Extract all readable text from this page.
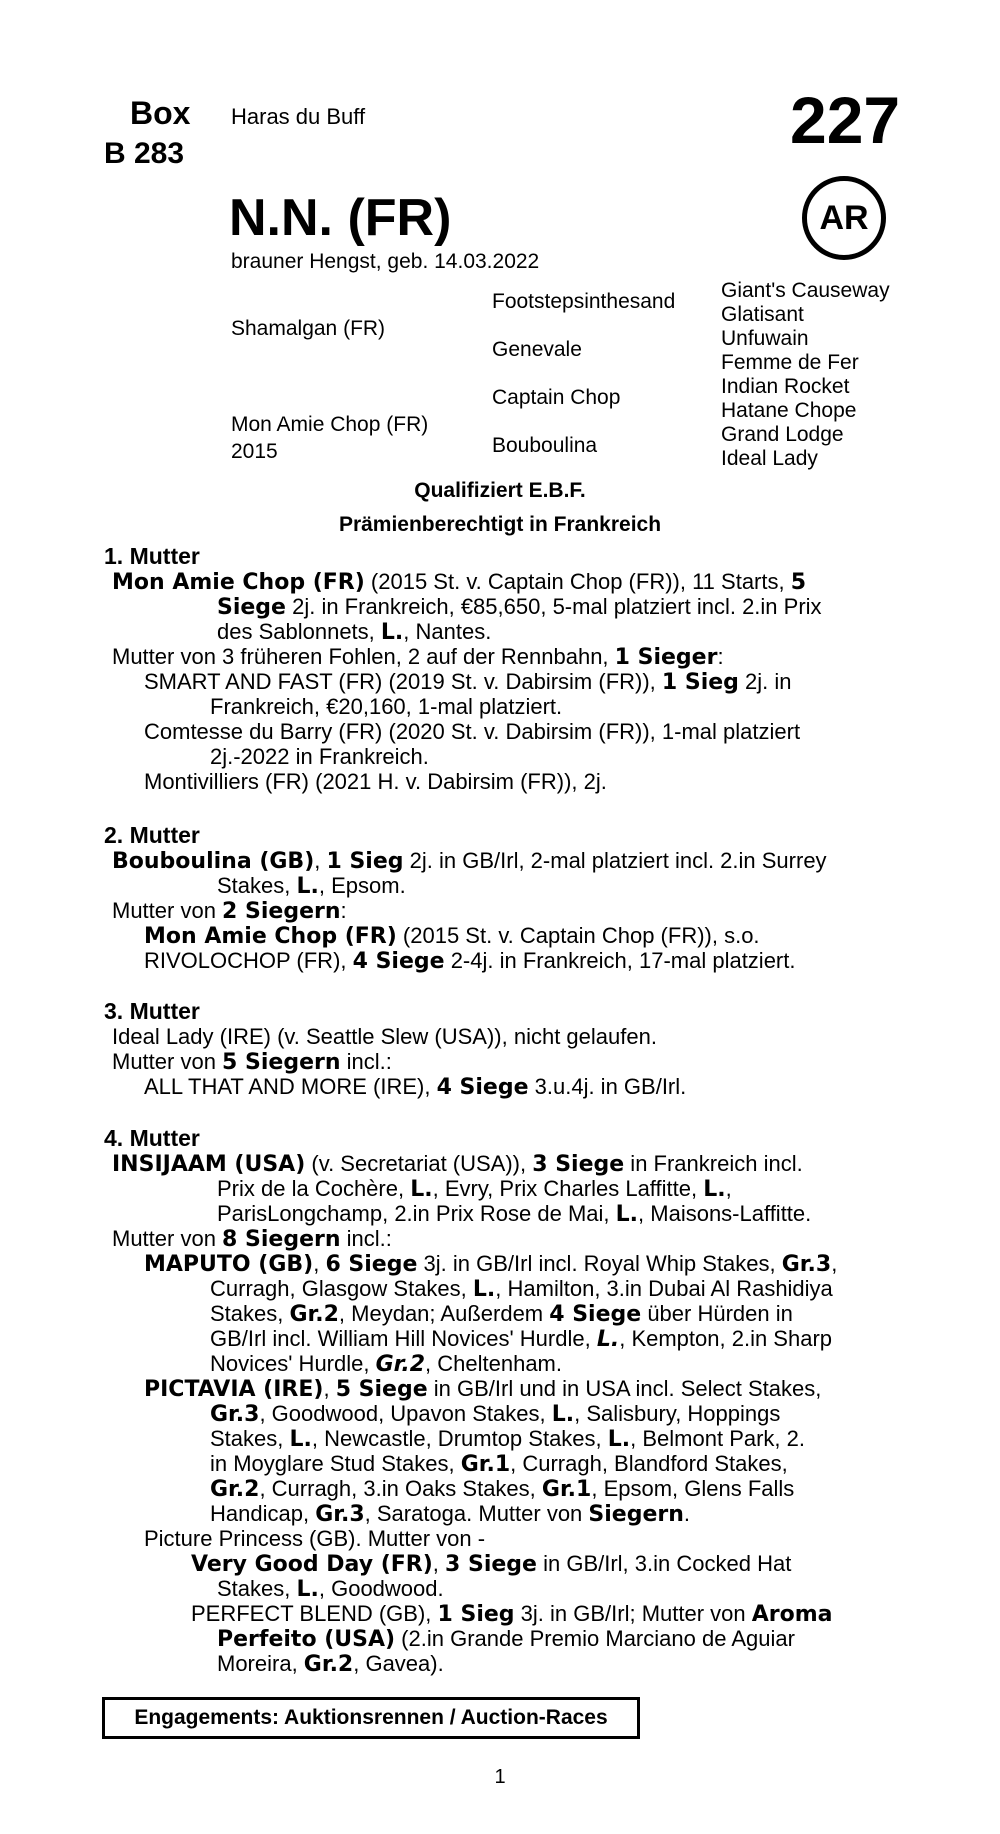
Box
B 283
Haras du Buff	227
N.N. (FR)	AR
brauner Hengst, geb. 14.03.2022
Shamalgan (FR)
Mon Amie Chop (FR)
2015
Footstepsinthesand
Genevale
Captain Chop
Bouboulina
Giant's Causeway
Glatisant
Unfuwain
Femme de Fer
Indian Rocket
Hatane Chope
Grand Lodge
Ideal Lady
Qualifiziert E.B.F.
Prämienberechtigt in Frankreich
1. Mutter
Mon Amie Chop (FR) (2015 St. v. Captain Chop (FR)), 11 Starts, 5
Siege 2j. in Frankreich, €85,650, 5-mal platziert incl. 2.in Prix
des Sablonnets, L., Nantes.
Mutter von 3 früheren Fohlen, 2 auf der Rennbahn, 1 Sieger:
SMART AND FAST (FR) (2019 St. v. Dabirsim (FR)), 1 Sieg 2j. in
Frankreich, €20,160, 1-mal platziert.
Comtesse du Barry (FR) (2020 St. v. Dabirsim (FR)), 1-mal platziert
2j.-2022 in Frankreich.
Montivilliers (FR) (2021 H. v. Dabirsim (FR)), 2j.
2. Mutter
Bouboulina (GB), 1 Sieg 2j. in GB/Irl, 2-mal platziert incl. 2.in Surrey
Stakes, L., Epsom.
Mutter von 2 Siegern:
Mon Amie Chop (FR) (2015 St. v. Captain Chop (FR)), s.o.
RIVOLOCHOP (FR), 4 Siege 2-4j. in Frankreich, 17-mal platziert.
3. Mutter
Ideal Lady (IRE) (v. Seattle Slew (USA)), nicht gelaufen.
Mutter von 5 Siegern incl.:
ALL THAT AND MORE (IRE), 4 Siege 3.u.4j. in GB/Irl.
4. Mutter
INSIJAAM (USA) (v. Secretariat (USA)), 3 Siege in Frankreich incl.
Prix de la Cochère, L., Evry, Prix Charles Laffitte, L.,
ParisLongchamp, 2.in Prix Rose de Mai, L., Maisons-Laffitte.
Mutter von 8 Siegern incl.:
MAPUTO (GB), 6 Siege 3j. in GB/Irl incl. Royal Whip Stakes, Gr.3,
Curragh, Glasgow Stakes, L., Hamilton, 3.in Dubai Al Rashidiya
Stakes, Gr.2, Meydan; Außerdem 4 Siege über Hürden in
GB/Irl incl. William Hill Novices' Hurdle, L., Kempton, 2.in Sharp
Novices' Hurdle, Gr.2, Cheltenham.
PICTAVIA (IRE), 5 Siege in GB/Irl und in USA incl. Select Stakes,
Gr.3, Goodwood, Upavon Stakes, L., Salisbury, Hoppings
Stakes, L., Newcastle, Drumtop Stakes, L., Belmont Park, 2.
in Moyglare Stud Stakes, Gr.1, Curragh, Blandford Stakes,
Gr.2, Curragh, 3.in Oaks Stakes, Gr.1, Epsom, Glens Falls
Handicap, Gr.3, Saratoga. Mutter von Siegern.
Picture Princess (GB). Mutter von -
Very Good Day (FR), 3 Siege in GB/Irl, 3.in Cocked Hat
Stakes, L., Goodwood.
PERFECT BLEND (GB), 1 Sieg 3j. in GB/Irl; Mutter von Aroma
Perfeito (USA) (2.in Grande Premio Marciano de Aguiar
Moreira, Gr.2, Gavea).
Engagements: Auktionsrennen / Auction-Races
1
